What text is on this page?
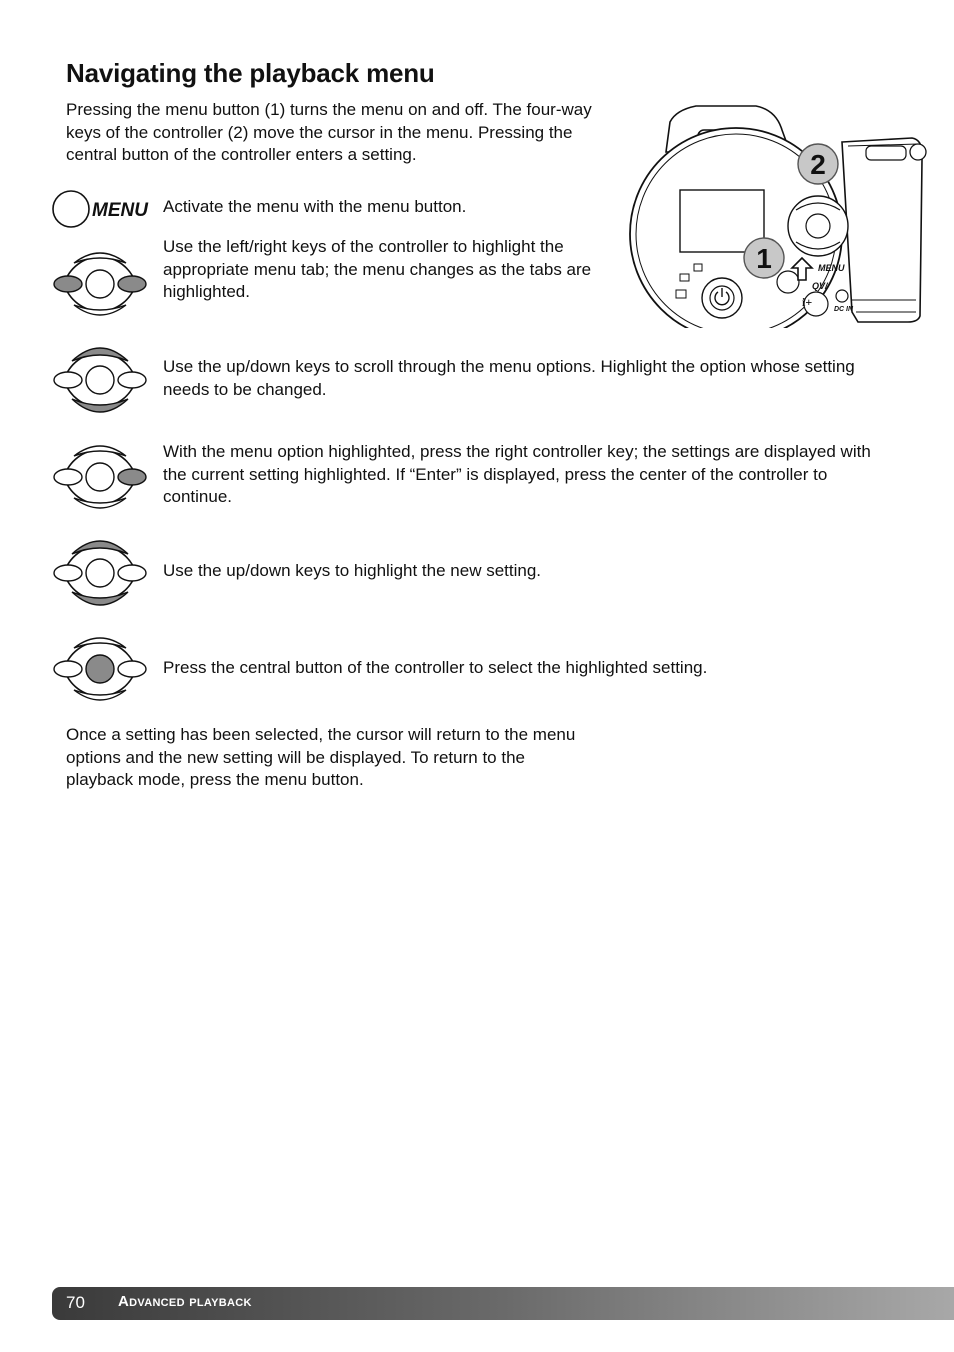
Navigating the playback menu

Pressing the menu button (1) turns the menu on and off. The four-way keys of the controller (2) move the cursor in the menu. Pressing the central button of the controller enters a setting.	2
1	MENU
QV/
DC IN
i+
MENU Activate the menu with the menu button.
Use the left/right keys of the controller to highlight the appropriate menu tab; the menu changes as the tabs are highlighted.
Use the up/down keys to scroll through the menu options. Highlight the option whose setting needs to be changed.
With the menu option highlighted, press the right controller key; the settings are displayed with the current setting highlighted. If “Enter” is displayed, press the center of the controller to continue.
Use the up/down keys to highlight the new setting.
Press the central button of the controller to select the highlighted setting.

Once a setting has been selected, the cursor will return to the menu options and the new setting will be displayed. To return to the playback mode, press the menu button.

70 Advanced playback
